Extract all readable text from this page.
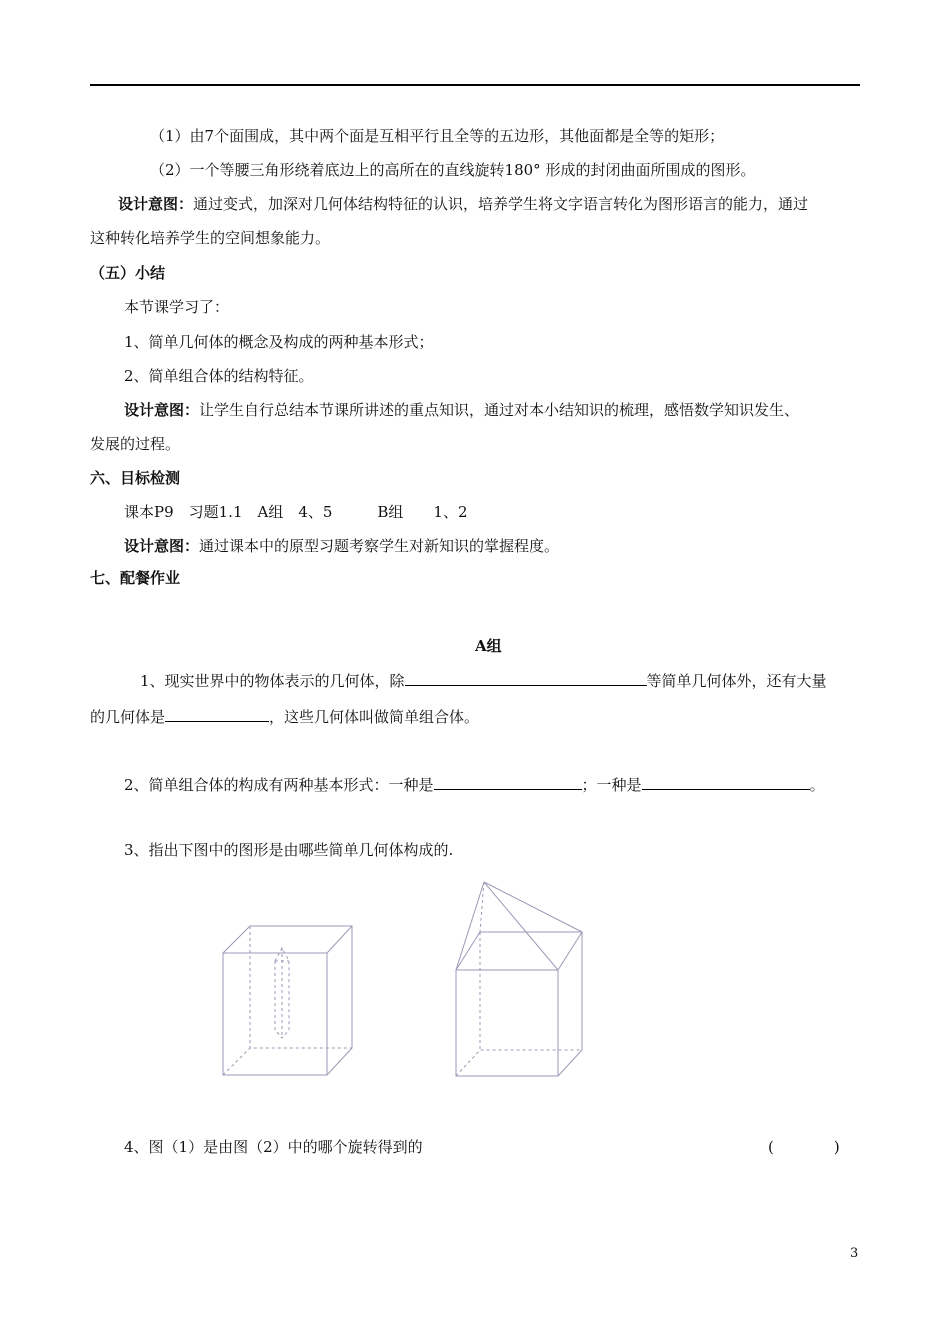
（1）由7个面围成，其中两个面是互相平行且全等的五边形，其他面都是全等的矩形；
（2）一个等腰三角形绕着底边上的高所在的直线旋转180° 形成的封闭曲面所围成的图形。
设计意图：通过变式，加深对几何体结构特征的认识，培养学生将文字语言转化为图形语言的能力，通过
这种转化培养学生的空间想象能力。
（五）小结
本节课学习了：
1、简单几何体的概念及构成的两种基本形式；
2、简单组合体的结构特征。
设计意图：让学生自行总结本节课所讲述的重点知识，通过对本小结知识的梳理，感悟数学知识发生、
发展的过程。
六、目标检测
课本P9　习题1.1　A组　4、5　　　B组　　1、2
设计意图：通过课本中的原型习题考察学生对新知识的掌握程度。
七、配餐作业
A组
1、现实世界中的物体表示的几何体，除	等简单几何体外，还有大量
的几何体是	，这些几何体叫做简单组合体。
2、简单组合体的构成有两种基本形式：一种是	；一种是	。
3、指出下图中的图形是由哪些简单几何体构成的.
4、图（1）是由图（2）中的哪个旋转得到的	(　　　　)
3
